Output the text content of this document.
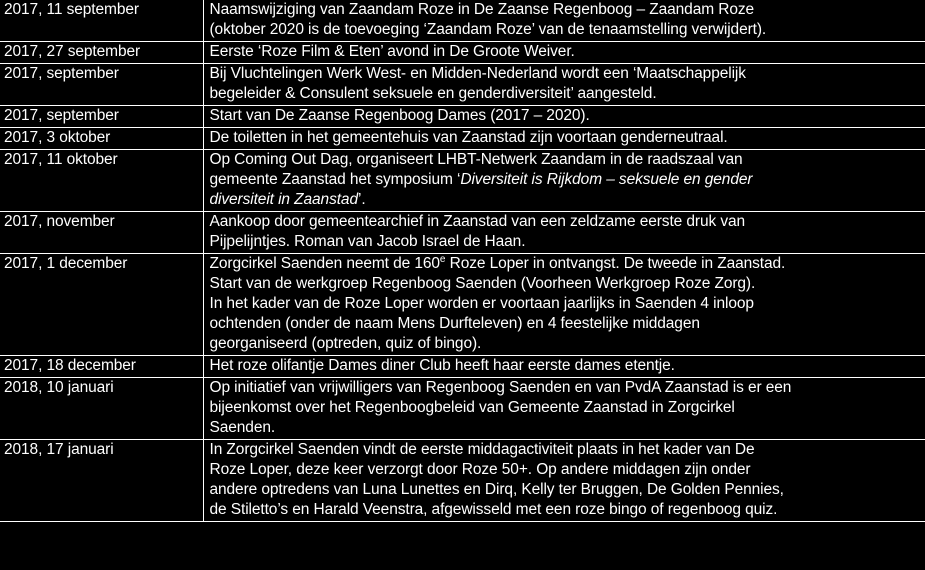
2017, 11 september	Naamswijziging van Zaandam Roze in De Zaanse Regenboog – Zaandam Roze
(oktober 2020 is de toevoeging ‘Zaandam Roze’ van de tenaamstelling verwijdert).

2017, 27 september	Eerste ‘Roze Film & Eten’ avond in De Groote Weiver.

2017, september	Bij Vluchtelingen Werk West- en Midden-Nederland wordt een ‘Maatschappelijk
begeleider & Consulent seksuele en genderdiversiteit’ aangesteld.

2017, september	Start van De Zaanse Regenboog Dames (2017 – 2020).

2017, 3 oktober	De toiletten in het gemeentehuis van Zaanstad zijn voortaan genderneutraal.

2017, 11 oktober	Op Coming Out Dag, organiseert LHBT-Netwerk Zaandam in de raadszaal van
gemeente Zaanstad het symposium ‘Diversiteit is Rijkdom – seksuele en gender
diversiteit in Zaanstad’.

2017, november	Aankoop door gemeentearchief in Zaanstad van een zeldzame eerste druk van
Pijpelijntjes. Roman van Jacob Israel de Haan.

2017, 1 december	Zorgcirkel Saenden neemt de 160e Roze Loper in ontvangst. De tweede in Zaanstad.
Start van de werkgroep Regenboog Saenden (Voorheen Werkgroep Roze Zorg).
In het kader van de Roze Loper worden er voortaan jaarlijks in Saenden 4 inloop
ochtenden (onder de naam Mens Durfteleven) en 4 feestelijke middagen
georganiseerd (optreden, quiz of bingo).

2017, 18 december	Het roze olifantje Dames diner Club heeft haar eerste dames etentje.

2018, 10 januari	Op initiatief van vrijwilligers van Regenboog Saenden en van PvdA Zaanstad is er een
bijeenkomst over het Regenboogbeleid van Gemeente Zaanstad in Zorgcirkel
Saenden.

2018, 17 januari	In Zorgcirkel Saenden vindt de eerste middagactiviteit plaats in het kader van De
Roze Loper, deze keer verzorgt door Roze 50+. Op andere middagen zijn onder
andere optredens van Luna Lunettes en Dirq, Kelly ter Bruggen, De Golden Pennies,
de Stiletto’s en Harald Veenstra, afgewisseld met een roze bingo of regenboog quiz.
